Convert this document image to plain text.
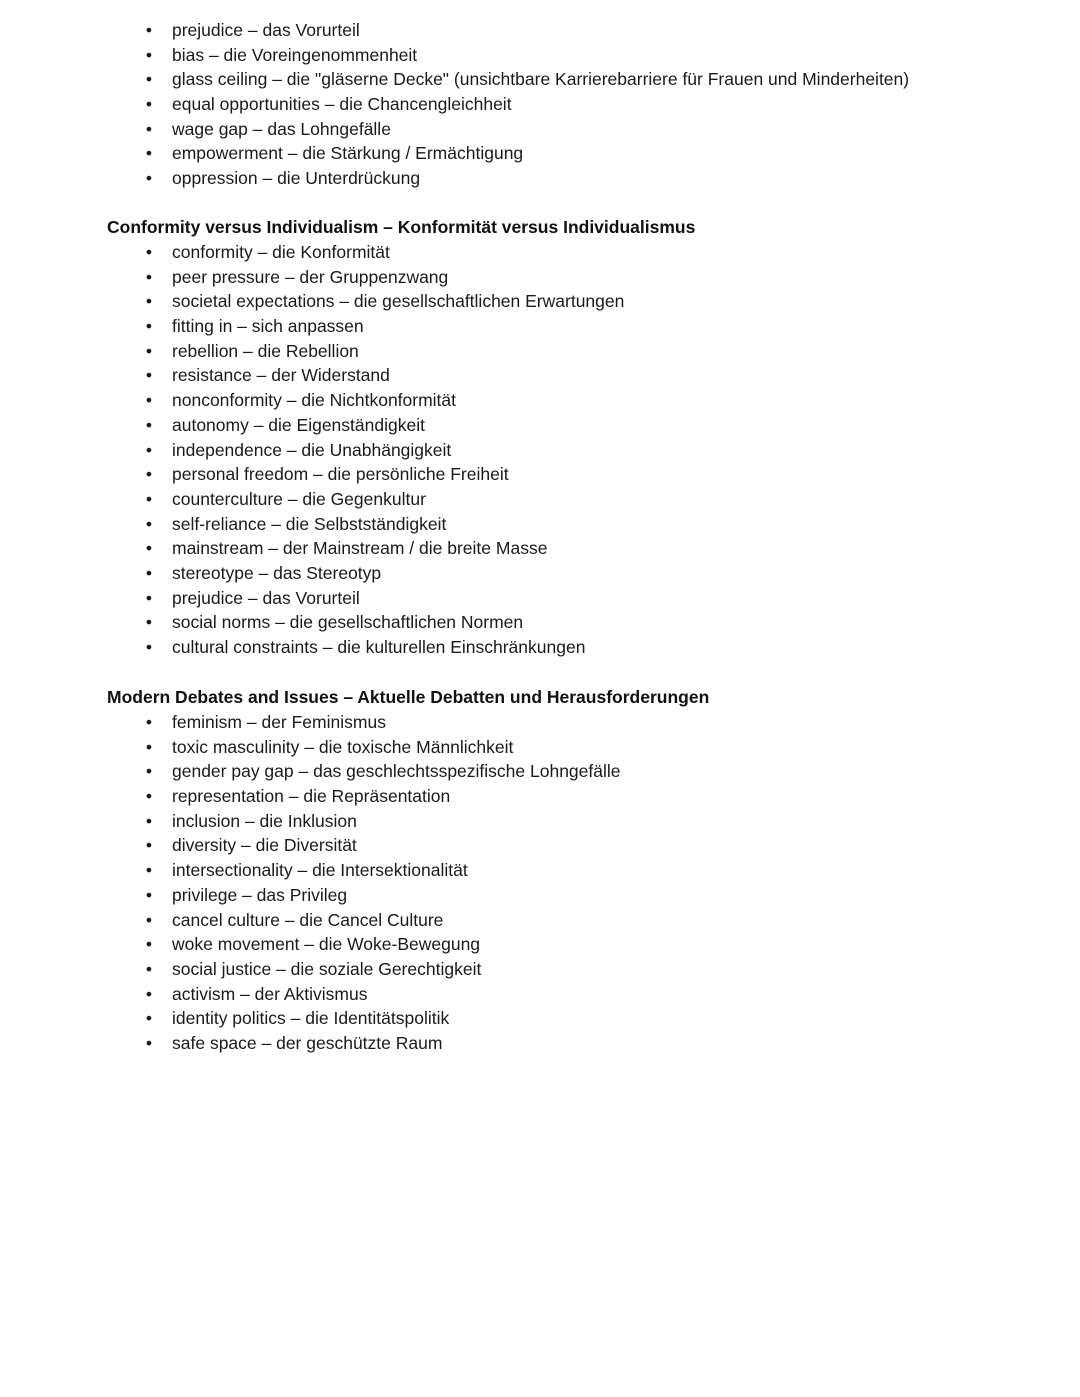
• prejudice – das Vorurteil
• bias – die Voreingenommenheit
• glass ceiling – die "gläserne Decke" (unsichtbare Karrierebarriere für Frauen und Minderheiten)
• equal opportunities – die Chancengleichheit
• wage gap – das Lohngefälle
• empowerment – die Stärkung / Ermächtigung
• oppression – die Unterdrückung
Conformity versus Individualism – Konformität versus Individualismus
• conformity – die Konformität
• peer pressure – der Gruppenzwang
• societal expectations – die gesellschaftlichen Erwartungen
• fitting in – sich anpassen
• rebellion – die Rebellion
• resistance – der Widerstand
• nonconformity – die Nichtkonformität
• autonomy – die Eigenständigkeit
• independence – die Unabhängigkeit
• personal freedom – die persönliche Freiheit
• counterculture – die Gegenkultur
• self-reliance – die Selbstständigkeit
• mainstream – der Mainstream / die breite Masse
• stereotype – das Stereotyp
• prejudice – das Vorurteil
• social norms – die gesellschaftlichen Normen
• cultural constraints – die kulturellen Einschränkungen
Modern Debates and Issues – Aktuelle Debatten und Herausforderungen
• feminism – der Feminismus
• toxic masculinity – die toxische Männlichkeit
• gender pay gap – das geschlechtsspezifische Lohngefälle
• representation – die Repräsentation
• inclusion – die Inklusion
• diversity – die Diversität
• intersectionality – die Intersektionalität
• privilege – das Privileg
• cancel culture – die Cancel Culture
• woke movement – die Woke-Bewegung
• social justice – die soziale Gerechtigkeit
• activism – der Aktivismus
• identity politics – die Identitätspolitik
• safe space – der geschützte Raum
